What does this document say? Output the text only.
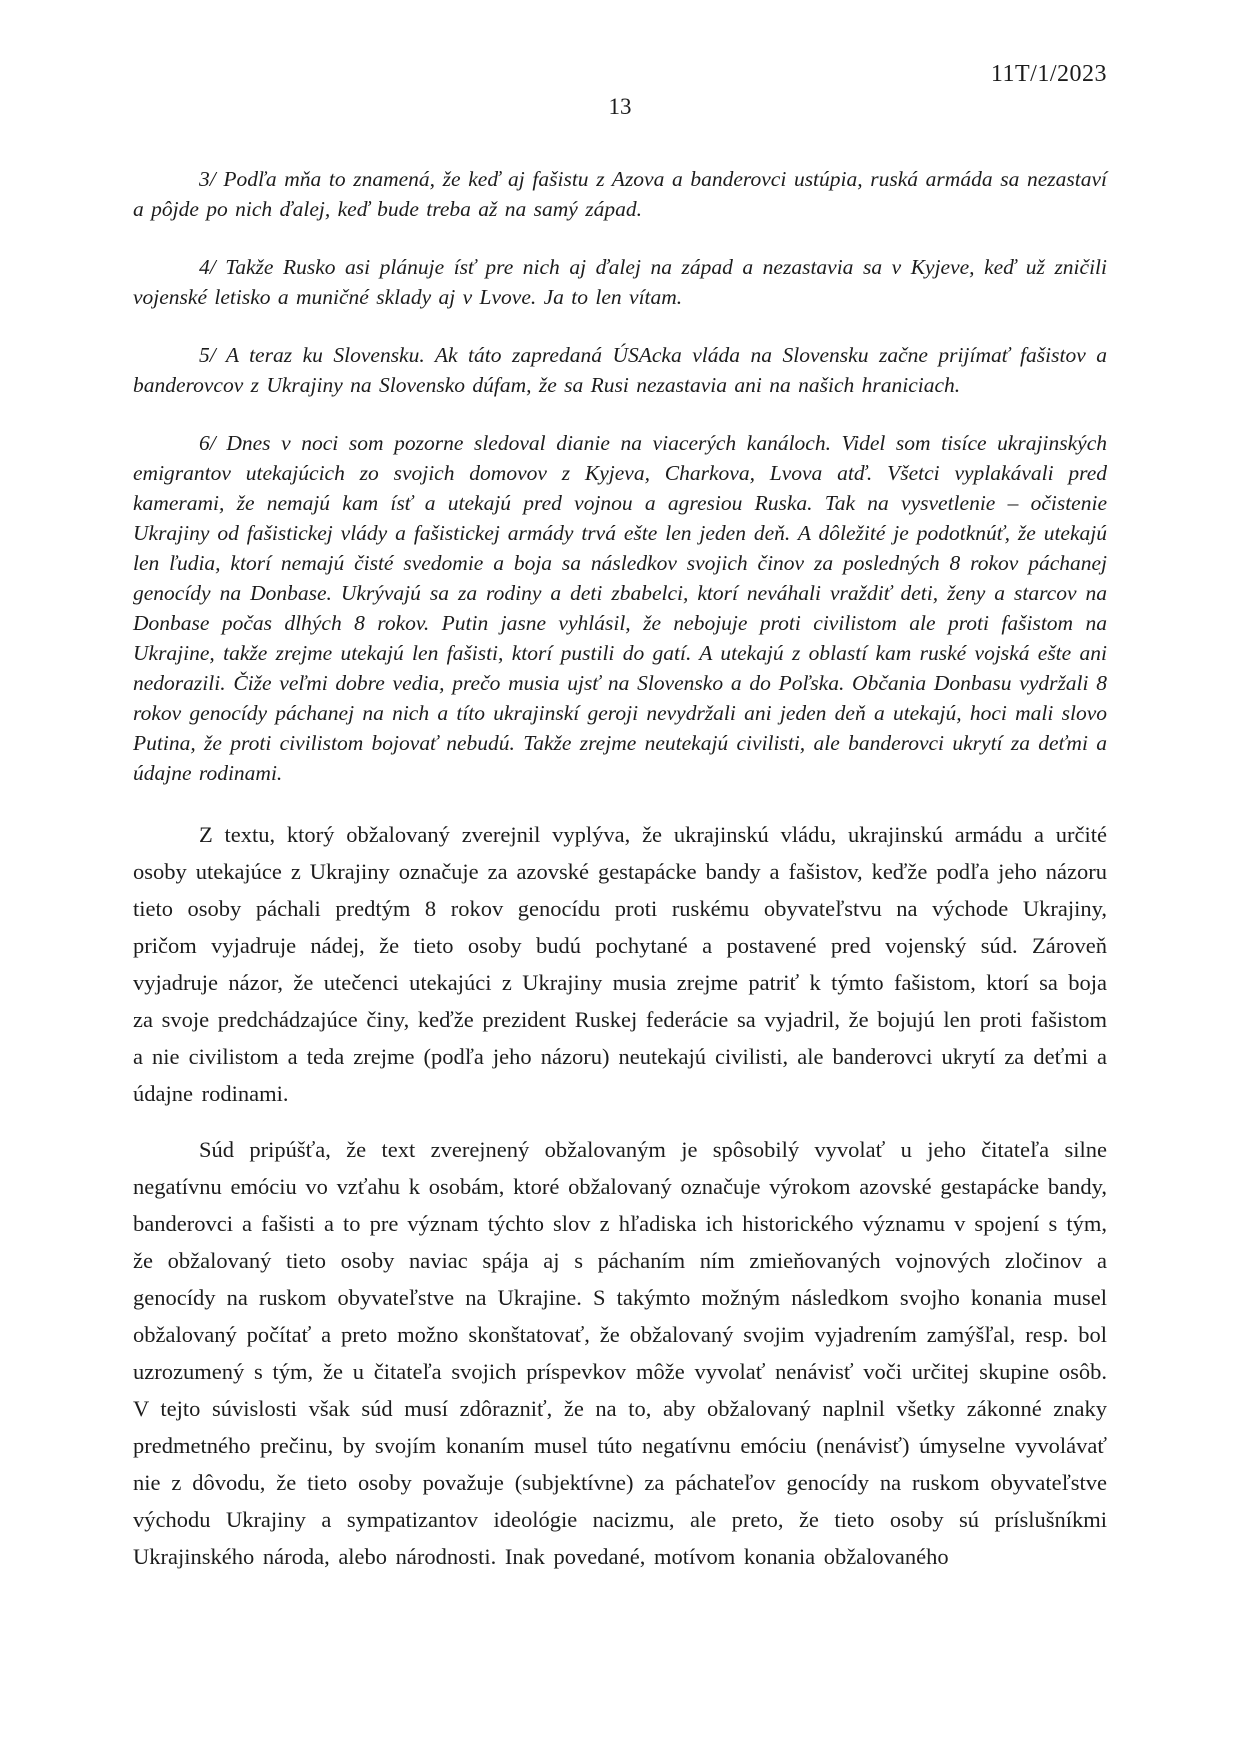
11T/1/2023
13

3/ Podľa mňa to znamená, že keď aj fašistu z Azova a banderovci ustúpia, ruská armáda sa nezastaví a pôjde po nich ďalej, keď bude treba až na samý západ.

4/ Takže Rusko asi plánuje ísť pre nich aj ďalej na západ a nezastavia sa v Kyjeve, keď už zničili vojenské letisko a muničné sklady aj v Lvove. Ja to len vítam.

5/ A teraz ku Slovensku. Ak táto zapredaná ÚSAcka vláda na Slovensku začne prijímať fašistov a banderovcov z Ukrajiny na Slovensko dúfam, že sa Rusi nezastavia ani na našich hraniciach.

6/ Dnes v noci som pozorne sledoval dianie na viacerých kanáloch. Videl som tisíce ukrajinských emigrantov utekajúcich zo svojich domovov z Kyjeva, Charkova, Lvova atď. Všetci vyplakávali pred kamerami, že nemajú kam ísť a utekajú pred vojnou a agresiou Ruska. Tak na vysvetlenie – očistenie Ukrajiny od fašistickej vlády a fašistickej armády trvá ešte len jeden deň. A dôležité je podotknúť, že utekajú len ľudia, ktorí nemajú čisté svedomie a boja sa následkov svojich činov za posledných 8 rokov páchanej genocídy na Donbase. Ukrývajú sa za rodiny a deti zbabelci, ktorí neváhali vraždiť deti, ženy a starcov na Donbase počas dlhých 8 rokov. Putin jasne vyhlásil, že nebojuje proti civilistom ale proti fašistom na Ukrajine, takže zrejme utekajú len fašisti, ktorí pustili do gatí. A utekajú z oblastí kam ruské vojská ešte ani nedorazili. Čiže veľmi dobre vedia, prečo musia ujsť na Slovensko a do Poľska. Občania Donbasu vydržali 8 rokov genocídy páchanej na nich a títo ukrajinskí geroji nevydržali ani jeden deň a utekajú, hoci mali slovo Putina, že proti civilistom bojovať nebudú. Takže zrejme neutekajú civilisti, ale banderovci ukrytí za deťmi a údajne rodinami.

Z textu, ktorý obžalovaný zverejnil vyplýva, že ukrajinskú vládu, ukrajinskú armádu a určité osoby utekajúce z Ukrajiny označuje za azovské gestapácke bandy a fašistov, keďže podľa jeho názoru tieto osoby páchali predtým 8 rokov genocídu proti ruskému obyvateľstvu na východe Ukrajiny, pričom vyjadruje nádej, že tieto osoby budú pochytané a postavené pred vojenský súd. Zároveň vyjadruje názor, že utečenci utekajúci z Ukrajiny musia zrejme patriť k týmto fašistom, ktorí sa boja za svoje predchádzajúce činy, keďže prezident Ruskej federácie sa vyjadril, že bojujú len proti fašistom a nie civilistom a teda zrejme (podľa jeho názoru) neutekajú civilisti, ale banderovci ukrytí za deťmi a údajne rodinami.

Súd pripúšťa, že text zverejnený obžalovaným je spôsobilý vyvolať u jeho čitateľa silne negatívnu emóciu vo vzťahu k osobám, ktoré obžalovaný označuje výrokom azovské gestapácke bandy, banderovci a fašisti a to pre význam týchto slov z hľadiska ich historického významu v spojení s tým, že obžalovaný tieto osoby naviac spája aj s páchaním ním zmieňovaných vojnových zločinov a genocídy na ruskom obyvateľstve na Ukrajine. S takýmto možným následkom svojho konania musel obžalovaný počítať a preto možno skonštatovať, že obžalovaný svojim vyjadrením zamýšľal, resp. bol uzrozumený s tým, že u čitateľa svojich príspevkov môže vyvolať nenávisť voči určitej skupine osôb. V tejto súvislosti však súd musí zdôrazniť, že na to, aby obžalovaný naplnil všetky zákonné znaky predmetného prečinu, by svojím konaním musel túto negatívnu emóciu (nenávisť) úmyselne vyvolávať nie z dôvodu, že tieto osoby považuje (subjektívne) za páchateľov genocídy na ruskom obyvateľstve východu Ukrajiny a sympatizantov ideológie nacizmu, ale preto, že tieto osoby sú príslušníkmi Ukrajinského národa, alebo národnosti. Inak povedané, motívom konania obžalovaného
